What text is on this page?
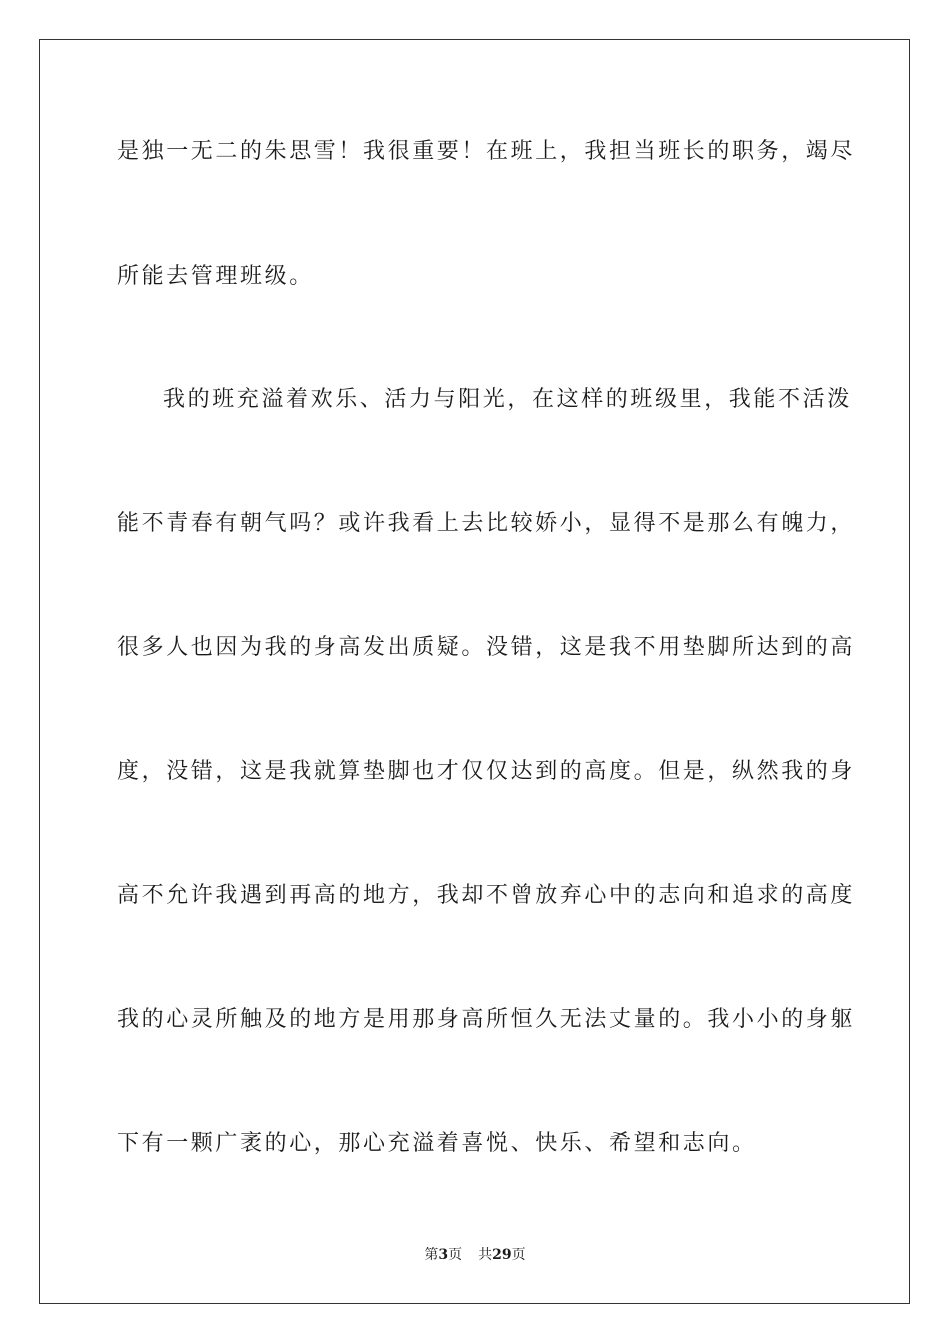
是独一无二的朱思雪！我很重要！在班上，我担当班长的职务，竭尽
所能去管理班级。
我的班充溢着欢乐、活力与阳光，在这样的班级里，我能不活泼
能不青春有朝气吗？或许我看上去比较娇小，显得不是那么有魄力，
很多人也因为我的身高发出质疑。没错，这是我不用垫脚所达到的高
度，没错，这是我就算垫脚也才仅仅达到的高度。但是，纵然我的身
高不允许我遇到再高的地方，我却不曾放弃心中的志向和追求的高度
我的心灵所触及的地方是用那身高所恒久无法丈量的。我小小的身躯
下有一颗广袤的心，那心充溢着喜悦、快乐、希望和志向。
第3页 共29页
